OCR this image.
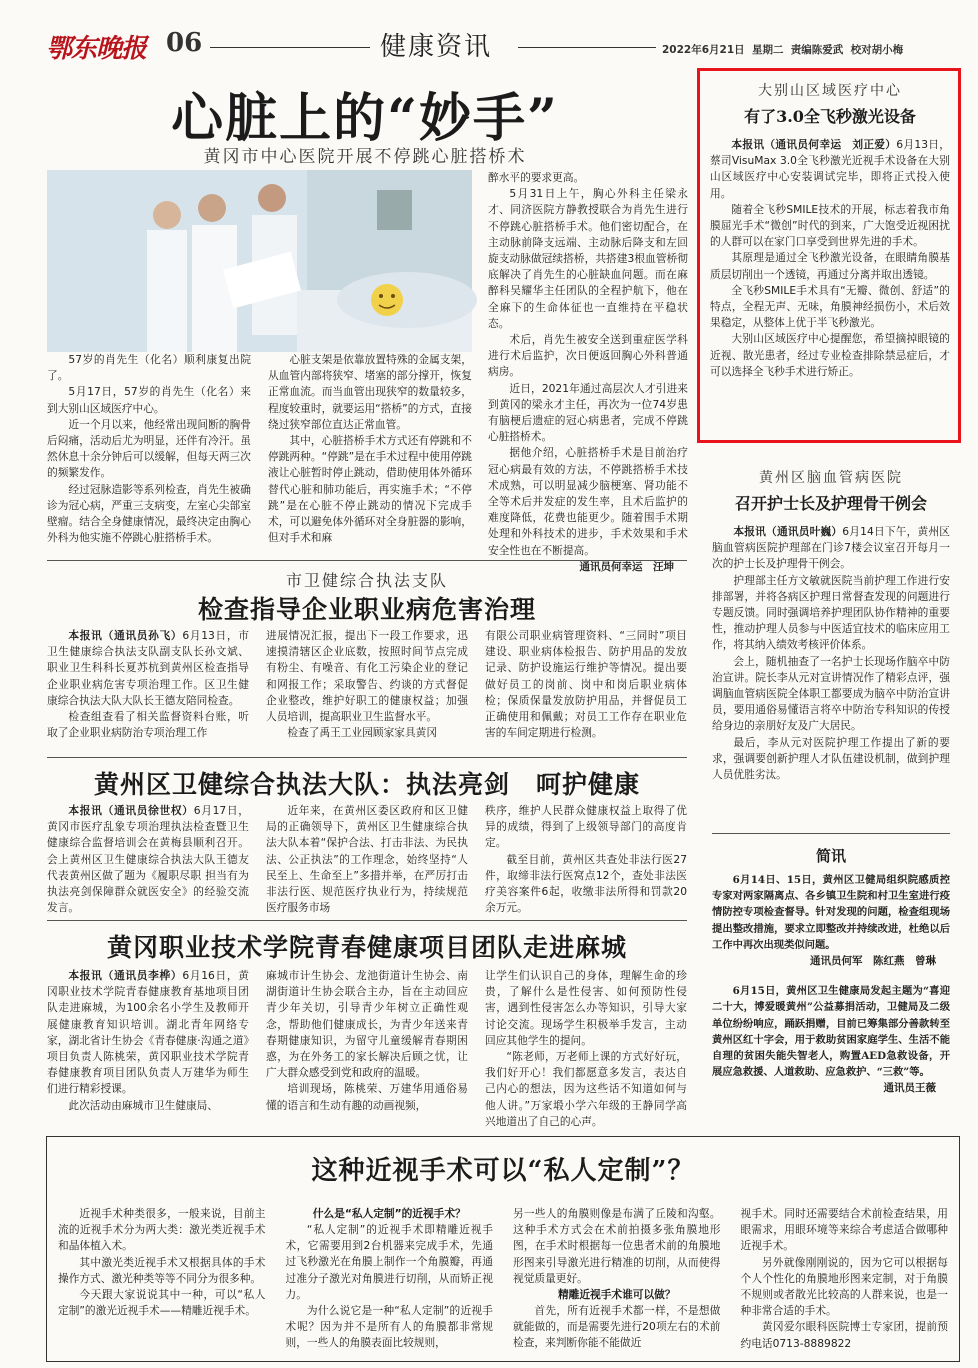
鄂东晚报 06	健康资讯	2022年6月21日 星期二 责编陈爱武 校对胡小梅
心脏上的“妙手”
黄冈市中心医院开展不停跳心脏搭桥术

57岁的肖先生（化名）顺利康复出院了。

5月17日，57岁的肖先生（化名）来到大别山区域医疗中心。

近一个月以来，他经常出现间断的胸骨后闷痛，活动后尤为明显，还伴有冷汗。虽然休息十余分钟后可以缓解，但每天两三次的频繁发作。

经过冠脉造影等系列检查，肖先生被确诊为冠心病，严重三支病变，左室心尖部室壁瘤。结合全身健康情况，最终决定由胸心外科为他实施不停跳心脏搭桥手术。

心脏支架是依靠放置特殊的金属支架，从血管内部将狭窄、堵塞的部分撑开，恢复正常血流。而当血管出现狭窄的数量较多，程度较重时，就要运用“搭桥”的方式，直接绕过狭窄部位直达正常血管。

其中，心脏搭桥手术方式还有停跳和不停跳两种。“停跳”是在手术过程中使用停跳液让心脏暂时停止跳动，借助使用体外循环替代心脏和肺功能后，再实施手术；“不停跳”是在心脏不停止跳动的情况下完成手术，可以避免体外循环对全身脏器的影响，但对手术和麻

醉水平的要求更高。

5月31日上午，胸心外科主任梁永才、同济医院方静教授联合为肖先生进行不停跳心脏搭桥手术。他们密切配合，在主动脉前降支远端、主动脉后降支和左回旋支动脉做冠续搭桥，共搭建3根血管桥彻底解决了肖先生的心脏缺血问题。而在麻醉科吴耀华主任团队的全程护航下，他在全麻下的生命体征也一直维持在平稳状态。

术后，肖先生被安全送到重症医学科进行术后监护，次日便返回胸心外科普通病房。

近日，2021年通过高层次人才引进来到黄冈的梁永才主任，再次为一位74岁患有脑梗后遗症的冠心病患者，完成不停跳心脏搭桥术。

据他介绍，心脏搭桥手术是目前治疗冠心病最有效的方法，不停跳搭桥手术技术成熟，可以明显减少脑梗塞、肾功能不全等术后并发症的发生率，且术后监护的难度降低，花费也能更少。随着围手术期处理和外科技术的进步，手术效果和手术安全性也在不断提高。

通讯员何幸运　汪坤

大别山区域医疗中心
有了3.0全飞秒激光设备

本报讯（通讯员何幸运　刘正爱）6月13日，蔡司VisuMax 3.0全飞秒激光近视手术设备在大别山区域医疗中心安装调试完毕，即将正式投入使用。

随着全飞秒SMILE技术的开展，标志着我市角膜屈光手术“微创”时代的到来，广大饱受近视困扰的人群可以在家门口享受到世界先进的手术。

其原理是通过全飞秒激光设备，在眼睛角膜基质层切削出一个透镜，再通过分离并取出透镜。

全飞秒SMILE手术具有“无瓣、微创、舒适”的特点，全程无声、无味，角膜神经损伤小，术后效果稳定，从整体上优于半飞秒激光。

大别山区域医疗中心提醒您，希望摘掉眼镜的近视、散光患者，经过专业检查排除禁忌症后，才可以选择全飞秒手术进行矫正。

黄州区脑血管病医院
召开护士长及护理骨干例会

本报讯（通讯员叶巍）6月14日下午，黄州区脑血管病医院护理部在门诊7楼会议室召开每月一次的护士长及护理骨干例会。

护理部主任方文敏就医院当前护理工作进行安排部署，并将各病区护理日常督查发现的问题进行专题反馈。同时强调培养护理团队协作精神的重要性，推动护理人员参与中医适宜技术的临床应用工作，将其纳入绩效考核评价体系。

会上，随机抽查了一名护士长现场作脑卒中防治宣讲。院长李从元对宣讲情况作了精彩点评，强调脑血管病医院全体职工都要成为脑卒中防治宣讲员，要用通俗易懂语言将卒中防治专科知识的传授给身边的亲朋好友及广大居民。

最后，李从元对医院护理工作提出了新的要求，强调要创新护理人才队伍建设机制，做到护理人员优胜劣汰。

简讯

6月14日、15日，黄州区卫健局组织院感质控专家对两家隔离点、各乡镇卫生院和村卫生室进行疫情防控专项检查督导。针对发现的问题，检查组现场提出整改措施，要求立即整改并持续改进，杜绝以后工作中再次出现类似问题。

通讯员何军　陈红燕　曾琳

6月15日，黄州区卫生健康局发起主题为“喜迎二十大，博爱暖黄州”公益募捐活动，卫健局及二级单位纷纷响应，踊跃捐赠，目前已筹集部分善款转至黄州区红十字会，用于救助贫困家庭学生、生活不能自理的贫困失能失智老人，购置AED急救设备，开展应急救援、人道救助、应急救护、“三救”等。

通讯员王薇

市卫健综合执法支队
检查指导企业职业病危害治理

本报讯（通讯员孙飞）6月13日，市卫生健康综合执法支队副支队长孙文斌、职业卫生科科长夏苏杭到黄州区检查指导企业职业病危害专项治理工作。区卫生健康综合执法大队大队长王德友陪同检查。

检查组查看了相关监督资料台账，听取了企业职业病防治专项治理工作

进展情况汇报，提出下一段工作要求，迅速摸清辖区企业底数，按照时间节点完成有粉尘、有噪音、有化工污染企业的登记和网报工作；采取警告、约谈的方式督促企业整改，维护好职工的健康权益；加强人员培训，提高职业卫生监督水平。

检查了禹王工业园顾家家具黄冈

有限公司职业病管理资料、“三同时”项目建设、职业病体检报告、防护用品的发放记录、防护设施运行维护等情况。提出要做好员工的岗前、岗中和岗后职业病体检；保质保量发放防护用品，并督促员工正确使用和佩戴；对员工工作存在职业危害的车间定期进行检测。

黄州区卫健综合执法大队：执法亮剑　呵护健康

本报讯（通讯员徐世权）6月17日，黄冈市医疗乱象专项治理执法检查暨卫生健康综合监督培训会在黄梅县顺利召开。会上黄州区卫生健康综合执法大队王德友代表黄州区做了题为《履职尽职 担当有为 执法亮剑保障群众就医安全》的经验交流发言。

近年来，在黄州区委区政府和区卫健局的正确领导下，黄州区卫生健康综合执法大队本着“保护合法、打击非法、为民执法、公正执法”的工作理念，始终坚持“人民至上、生命至上”多措并举，在严厉打击非法行医、规范医疗执业行为，持续规范医疗服务市场

秩序，维护人民群众健康权益上取得了优异的成绩，得到了上级领导部门的高度肯定。

截至目前，黄州区共查处非法行医27件，取缔非法行医窝点12个，查处非法医疗美容案件6起，收缴非法所得和罚款20余万元。

黄冈职业技术学院青春健康项目团队走进麻城

本报讯（通讯员李桦）6月16日，黄冈职业技术学院青春健康教育基地项目团队走进麻城，为100余名小学生及教师开展健康教育知识培训。湖北青年网络专家，湖北省计生协会《青春健康·沟通之道》项目负责人陈桃荣，黄冈职业技术学院青春健康教育项目团队负责人万建华为师生们进行精彩授课。

此次活动由麻城市卫生健康局、

麻城市计生协会、龙池街道计生协会、南湖街道计生协会联合主办，旨在主动回应青少年关切，引导青少年树立正确性观念，帮助他们健康成长，为青少年送来青春期健康知识，为留守儿童缓解青春期困惑，为在外务工的家长解决后顾之忧，让广大群众感受到党和政府的温暖。

培训现场，陈桃荣、万建华用通俗易懂的语言和生动有趣的动画视频，

让学生们认识自己的身体，理解生命的珍贵，了解什么是性侵害、如何预防性侵害，遇到性侵害怎么办等知识，引导大家讨论交流。现场学生积极举手发言，主动回应其他学生的提问。

“陈老师，万老师上课的方式好好玩，我们好开心！我们都愿意多发言，表达自己内心的想法，因为这些话不知道如何与他人讲。”万家塅小学六年级的王静同学高兴地道出了自己的心声。

这种近视手术可以“私人定制”？

近视手术种类很多，一般来说，目前主流的近视手术分为两大类：激光类近视手术和晶体植入术。

其中激光类近视手术又根据具体的手术操作方式、激光种类等等不同分为很多种。

今天跟大家说说其中一种，可以“私人定制”的激光近视手术——精雕近视手术。

什么是“私人定制”的近视手术？

“私人定制”的近视手术即精雕近视手术，它需要用到2台机器来完成手术，先通过飞秒激光在角膜上制作一个角膜瓣，再通过准分子激光对角膜进行切削，从而矫正视力。

为什么说它是一种“私人定制”的近视手术呢？因为并不是所有人的角膜都非常规则，一些人的角膜表面比较规则，

另一些人的角膜则像是布满了丘陵和沟壑。这种手术方式会在术前拍摄多张角膜地形图，在手术时根据每一位患者术前的角膜地形图来引导激光进行精准的切削，从而使得视觉质量更好。

精雕近视手术谁可以做？

首先，所有近视手术都一样，不是想做就能做的，而是需要先进行20项左右的术前检查，来判断你能不能做近

视手术。同时还需要结合术前检查结果，用眼需求，用眼环境等来综合考虑适合做哪种近视手术。

另外就像刚刚说的，因为它可以根据每个人个性化的角膜地形图来定制，对于角膜不规则或者散光比较高的人群来说，也是一种非常合适的手术。

黄冈爱尔眼科医院博士专家团，提前预约电话0713-8889822
